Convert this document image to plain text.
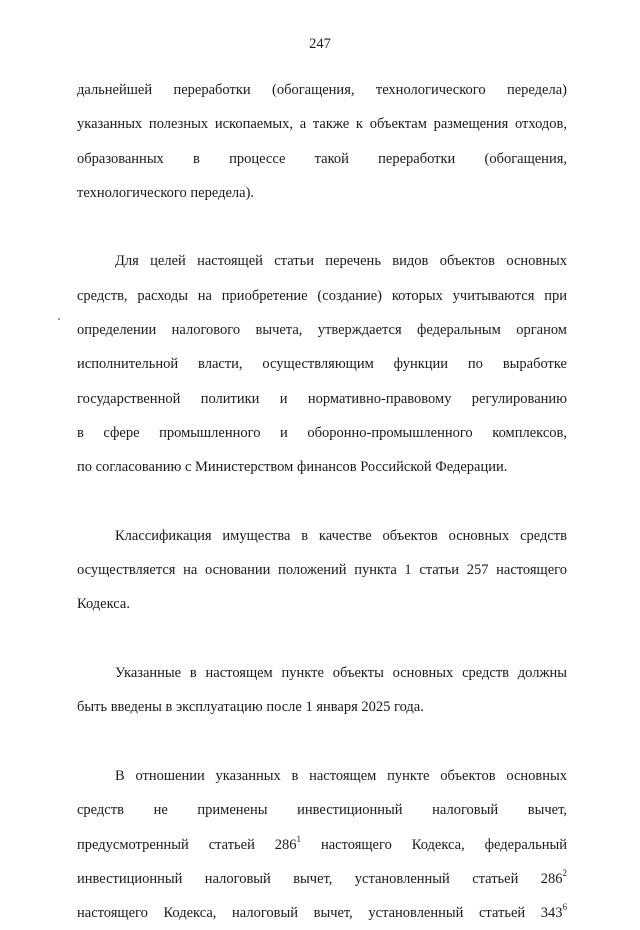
247
дальнейшей переработки (обогащения, технологического передела)
указанных полезных ископаемых, а также к объектам размещения отходов,
образованных в процессе такой переработки (обогащения,
технологического передела).
Для целей настоящей статьи перечень видов объектов основных
средств, расходы на приобретение (создание) которых учитываются при
определении налогового вычета, утверждается федеральным органом
исполнительной власти, осуществляющим функции по выработке
государственной политики и нормативно-правовому регулированию
в сфере промышленного и оборонно-промышленного комплексов,
по согласованию с Министерством финансов Российской Федерации.
Классификация имущества в качестве объектов основных средств
осуществляется на основании положений пункта 1 статьи 257 настоящего
Кодекса.
Указанные в настоящем пункте объекты основных средств должны
быть введены в эксплуатацию после 1 января 2025 года.
В отношении указанных в настоящем пункте объектов основных
средств не применены инвестиционный налоговый вычет,
предусмотренный статьей $286^1$ настоящего Кодекса, федеральный
инвестиционный налоговый вычет, установленный статьей $286^2$
настоящего Кодекса, налоговый вычет, установленный статьей $343^6$
